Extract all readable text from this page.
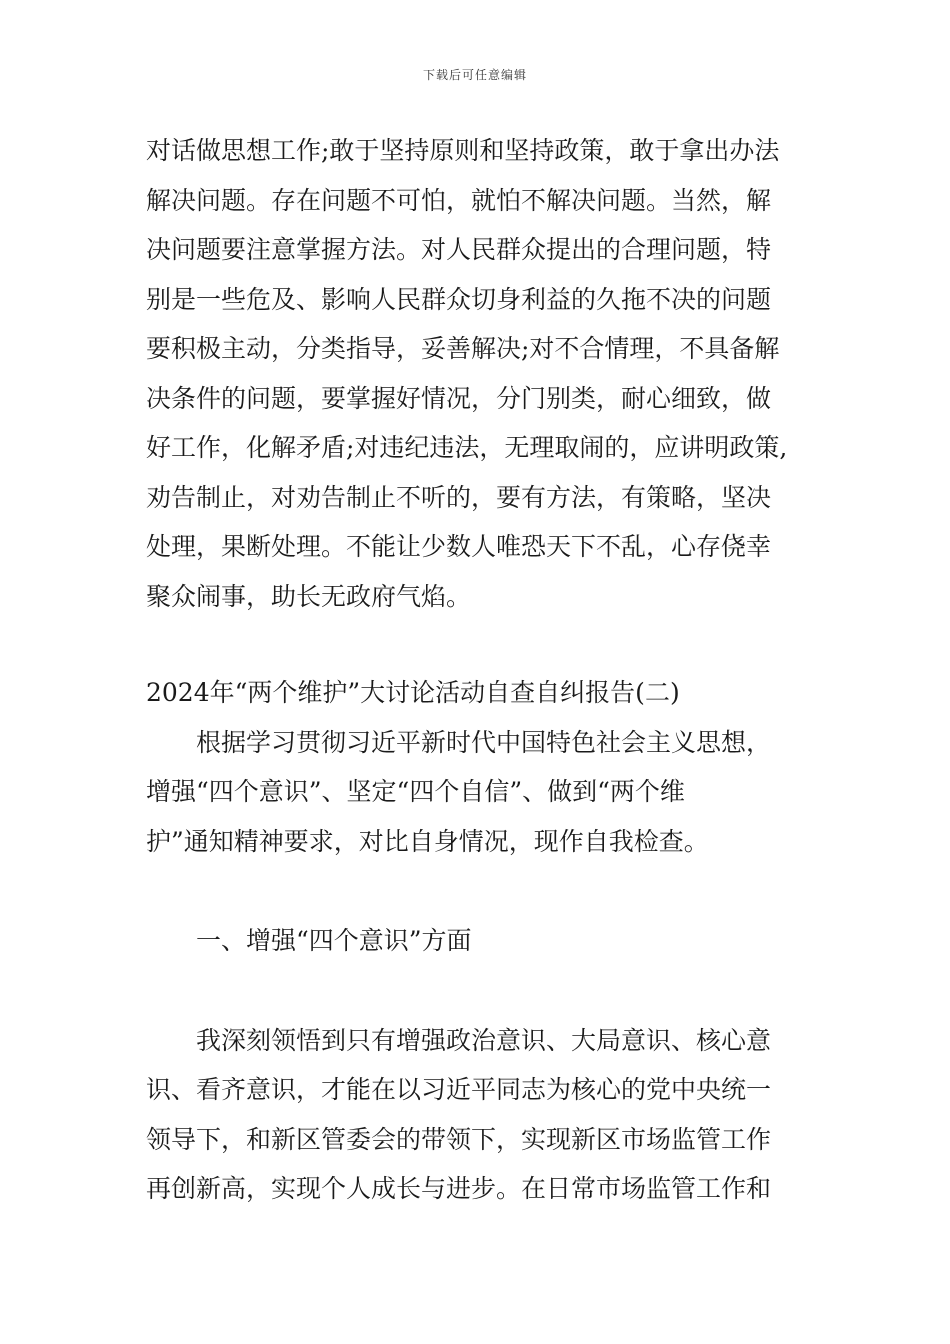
下载后可任意编辑
对话做思想工作;敢于坚持原则和坚持政策，敢于拿出办法
解决问题。存在问题不可怕，就怕不解决问题。当然，解
决问题要注意掌握方法。对人民群众提出的合理问题，特
别是一些危及、影响人民群众切身利益的久拖不决的问题
要积极主动，分类指导，妥善解决;对不合情理，不具备解
决条件的问题，要掌握好情况，分门别类，耐心细致，做
好工作，化解矛盾;对违纪违法，无理取闹的，应讲明政策,
劝告制止，对劝告制止不听的，要有方法，有策略，坚决
处理，果断处理。不能让少数人唯恐天下不乱，心存侥幸
聚众闹事，助长无政府气焰。
2024年“两个维护”大讨论活动自查自纠报告(二)
根据学习贯彻习近平新时代中国特色社会主义思想，
增强“四个意识”、坚定“四个自信”、做到“两个维
护”通知精神要求，对比自身情况，现作自我检查。
一、增强“四个意识”方面
我深刻领悟到只有增强政治意识、大局意识、核心意
识、看齐意识，才能在以习近平同志为核心的党中央统一
领导下，和新区管委会的带领下，实现新区市场监管工作
再创新高，实现个人成长与进步。在日常市场监管工作和
